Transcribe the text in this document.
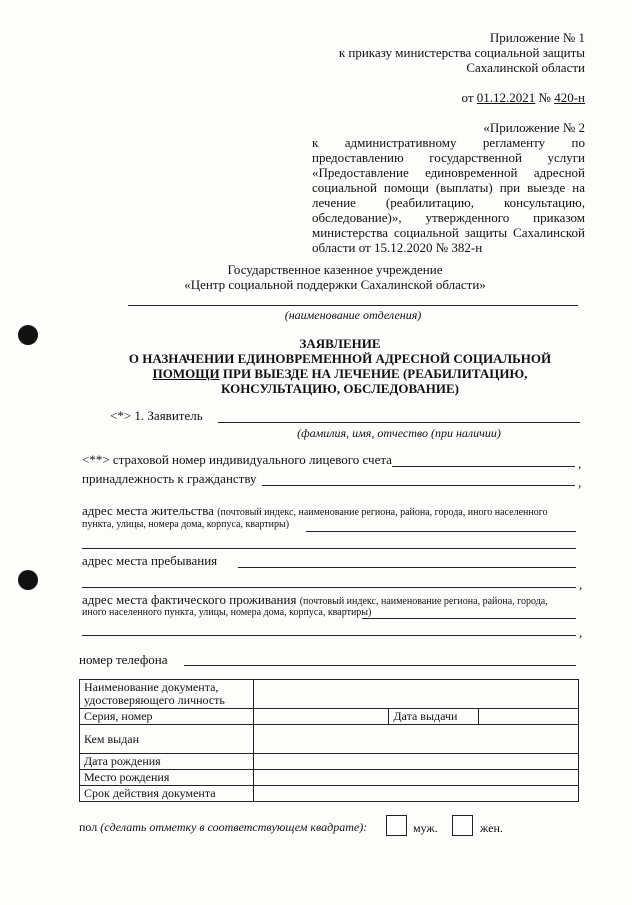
Приложение № 1
к приказу министерства социальной защиты
Сахалинской области
от 01.12.2021 № 420-н
«Приложение № 2
к административному регламенту по
предоставлению государственной услуги
«Предоставление единовременной адресной
социальной помощи (выплаты) при выезде на
лечение (реабилитацию, консультацию,
обследование)», утвержденного приказом
министерства социальной защиты Сахалинской
области от 15.12.2020 № 382-н
Государственное казенное учреждение
«Центр социальной поддержки Сахалинской области»
(наименование отделения)
ЗАЯВЛЕНИЕ
О НАЗНАЧЕНИИ ЕДИНОВРЕМЕННОЙ АДРЕСНОЙ СОЦИАЛЬНОЙ
ПОМОЩИ ПРИ ВЫЕЗДЕ НА ЛЕЧЕНИЕ (РЕАБИЛИТАЦИЮ,
КОНСУЛЬТАЦИЮ, ОБСЛЕДОВАНИЕ)
<*> 1. Заявитель
(фамилия, имя, отчество (при наличии)
<**> страховой номер индивидуального лицевого счета	,
принадлежность к гражданству	,
адрес места жительства (почтовый индекс, наименование региона, района, города, иного населенного
пункта, улицы, номера дома, корпуса, квартиры)
адрес места пребывания
,
адрес места фактического проживания (почтовый индекс, наименование региона, района, города,
иного населенного пункта, улицы, номера дома, корпуса, квартиры)
,
номер телефона
Наименование документа, удостоверяющего личность			
Серия, номер		Дата выдачи	
Кем выдан			
Дата рождения			
Место рождения			
Срок действия документа			
пол (сделать отметку в соответствующем квадрате):	муж.	жен.
